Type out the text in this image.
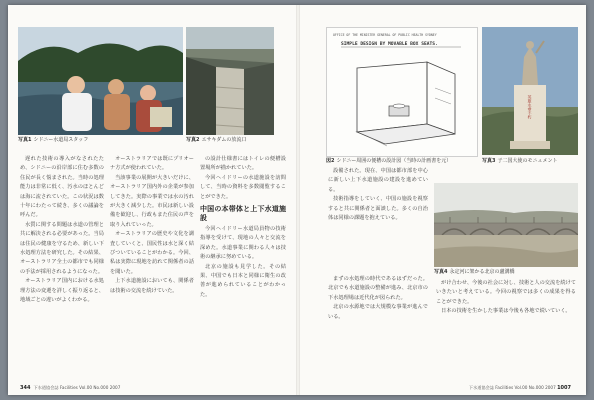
写真1 シドニー水道局スタッフ	写真2 エサキダムの放流口

遅れた技術の導入がなされたため、シドニーの沿岸部に住む多数の住民が長く悩まされた。当時の処理能力は非常に低く、汚水のほとんどは海に流されていた。この状況は数十年にわたって続き、多くの議論を呼んだ。

水質に関する問題は水道の管理と共に解決される必要があった。当局は住民の健康を守るため、新しい下水処理方法を研究した。その結果、オーストラリア全土の都市でも同様の手法が採用されるようになった。

オーストラリア国内における水処理方法の変遷を詳しく振り返ると、地域ごとの違いがよくわかる。

オーストラリアでは既にプリオーナ方式が使われていた。

当該事業の展開が大きいだけに、オーストラリア国内外の企業が参加してきた。実際の事業では水の汚れが大きく減少した。市民は新しい設備を歓迎し、行政もまた住民の声を取り入れていった。

オーストラリアの歴史や文化を調査していくと、国民性は水と深く結びついていることがわかる。今回、私は実際に現地を訪れて関係者の話を聞いた。

上下水道施設においても、関係者は技術の交流を続けていた。

の設計仕様書にはトイレの便槽設置場所が描かれていた。

今回ヘイドリーの水道施設を訪問して、当時の資料を多数閲覧することができた。

中国の本帯体と上下水道施設

今回ヘイドリー水道局員物の技術指導を受けて、現地の人々と交流を深めた。水道事業に関わる人々は技術の継承に努めている。

北京の施設も見学した。その結果、中国でも日本と同様に衛生の改善が進められていることがわかった。

344 下水道協会誌 Facilities Vol.00 No.000 2007
OFFICE OF THE MINISTER GENERAL OF PUBLIC HEALTH SYDNEY
SIMPLE DESIGN BY MOVABLE BOX SEATS.
図2 シドニー周囲の便槽の設計図（当時の計画書を元）
英雄永垂不朽
写真3 子二国大使のモニュメント

設備された。現在、中国は都市部を中心に新しい上下水道施設の建設を進めている。

技術指導をしていく、中国の施設を視察すると共に関係者と面談した。多くの自治体は同様の課題を抱えている。

写真4 永定河に架かる北京の盧溝橋

まずの水処理の時代であるはずだった。北京でも水道施設の整備が進み、北京市の下水処理場は近代化が図られた。

北京の水源地では大規模な事業が進んでいる。

がけ合わせ、今後の社会に対し、技術と人の交流を続けていきたいと考えている。今回の視察では多くの成果を得ることができた。

日本の技術を生かした事業は今後も各地で続いていく。

下水道協会誌 Facilities Vol.00 No.000 2007 1007
